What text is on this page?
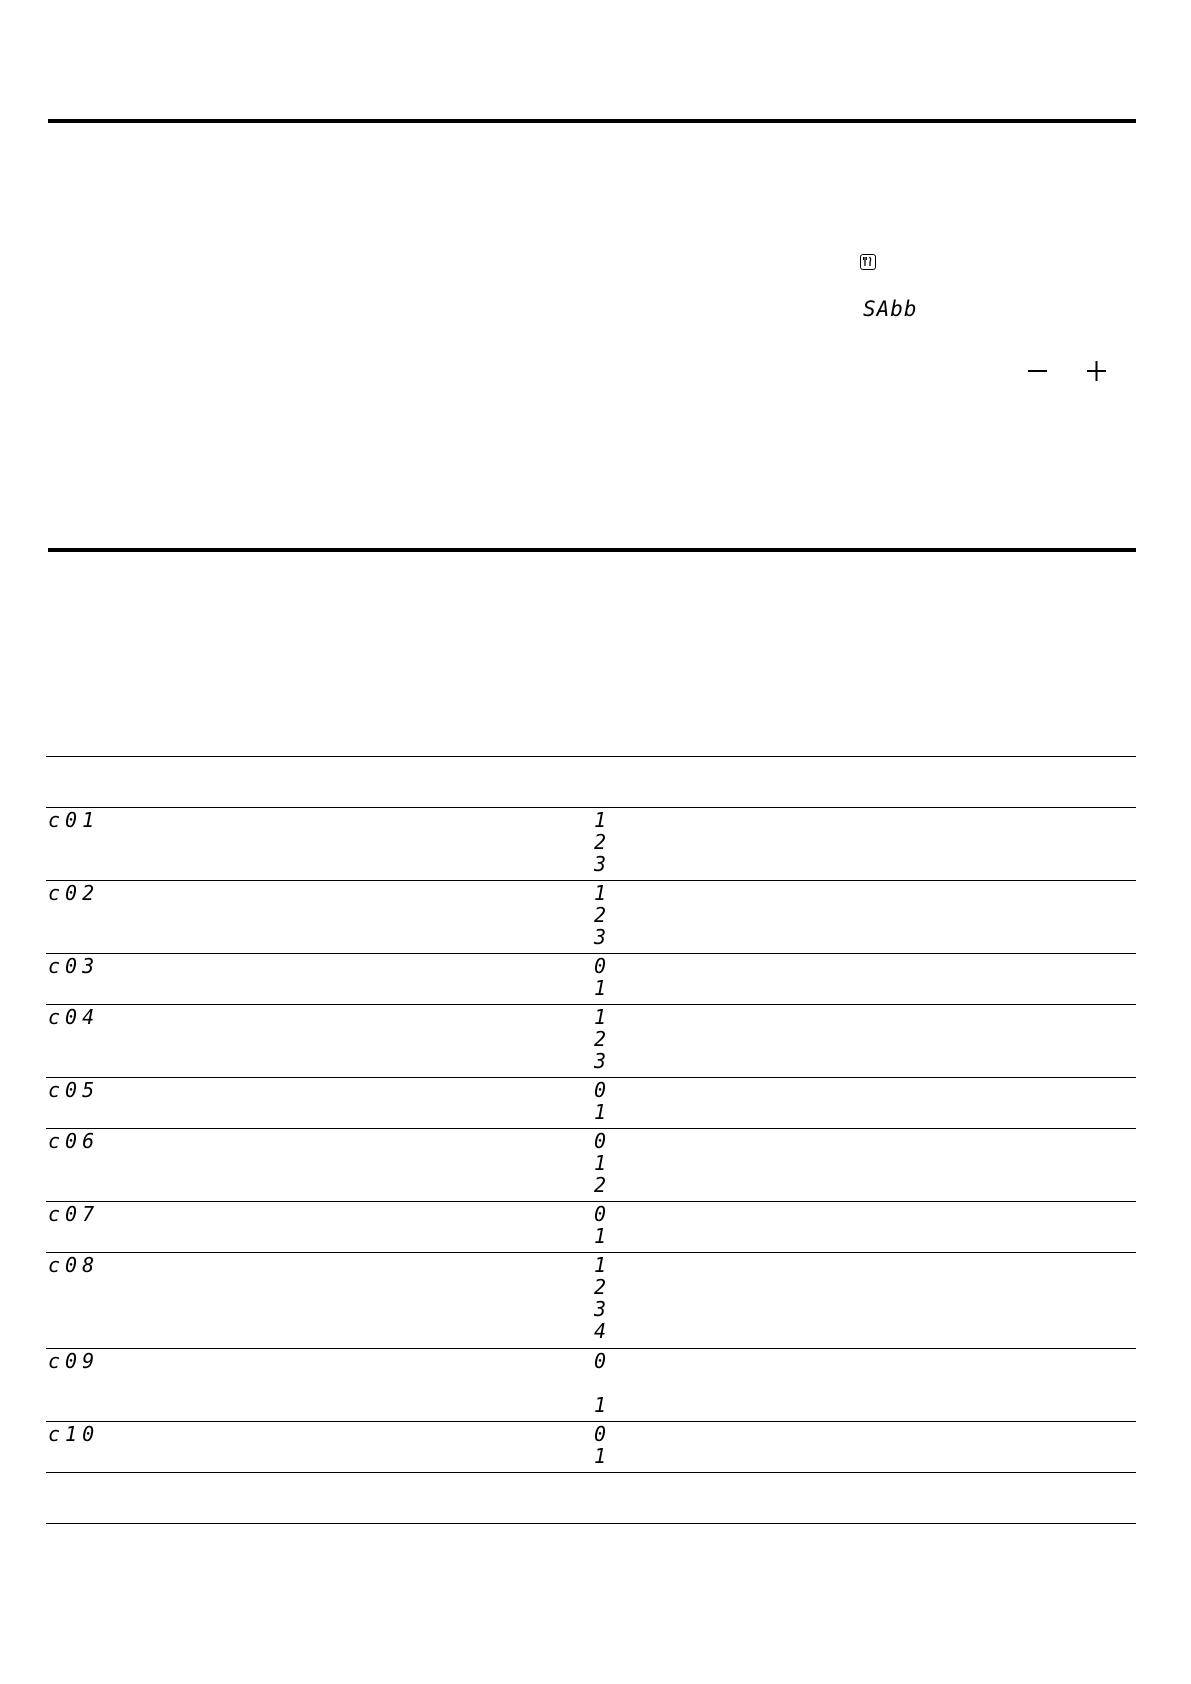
SAbb
c01	1
2
3
c02	1
2
3
c03	0
1
c04	1
2
3
c05	0
1
c06	0
1
2
c07	0
1
c08	1
2
3
4
c09	0
1
c10	0
1
